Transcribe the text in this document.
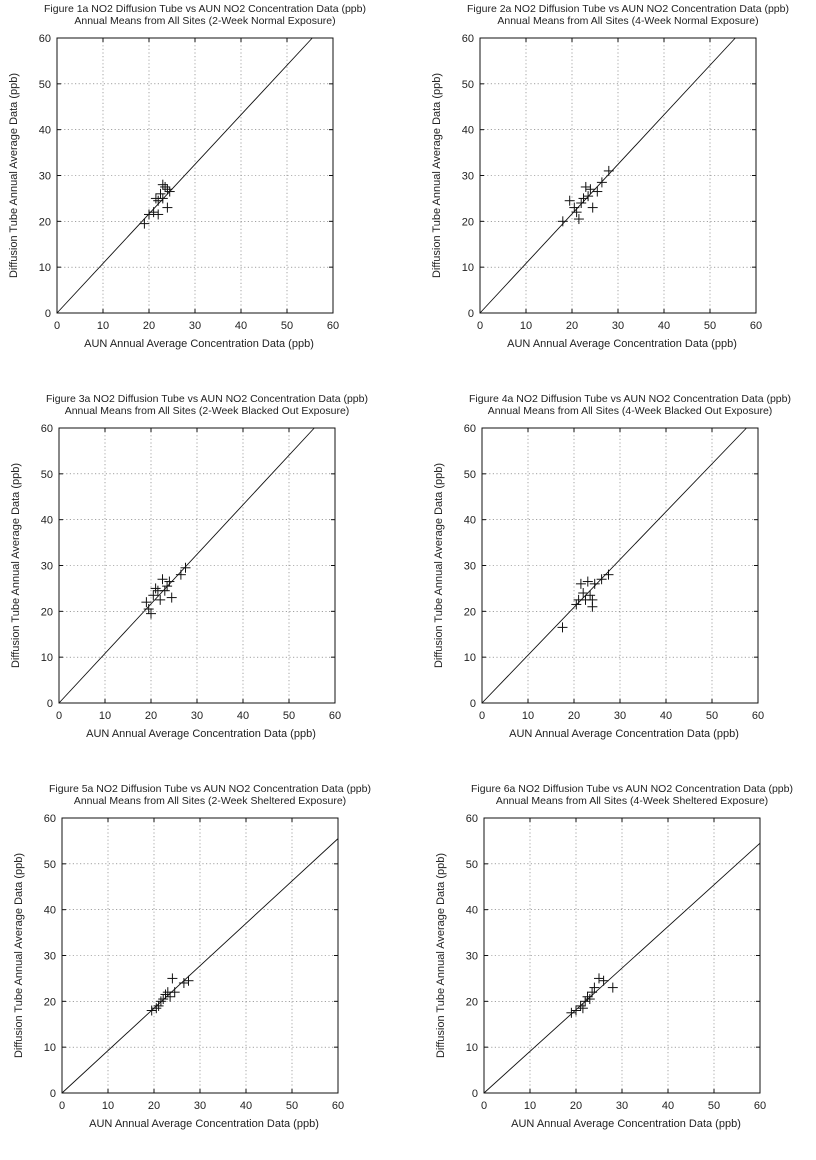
Figure 1a NO2 Diffusion Tube vs AUN NO2 Concentration Data (ppb)
Annual Means from All Sites (2-Week Normal Exposure)
0
0
10
10
20
20
30
30
40
40
50
50
60
60
AUN Annual Average Concentration Data (ppb)
Diffusion Tube Annual Average Data (ppb)
Figure 2a NO2 Diffusion Tube vs AUN NO2 Concentration Data (ppb)
Annual Means from All Sites (4-Week Normal Exposure)
0
0
10
10
20
20
30
30
40
40
50
50
60
60
AUN Annual Average Concentration Data (ppb)
Diffusion Tube Annual Average Data (ppb)
Figure 3a NO2 Diffusion Tube vs AUN NO2 Concentration Data (ppb)
Annual Means from All Sites (2-Week Blacked Out Exposure)
0
0
10
10
20
20
30
30
40
40
50
50
60
60
AUN Annual Average Concentration Data (ppb)
Diffusion Tube Annual Average Data (ppb)
Figure 4a NO2 Diffusion Tube vs AUN NO2 Concentration Data (ppb)
Annual Means from All Sites (4-Week Blacked Out Exposure)
0
0
10
10
20
20
30
30
40
40
50
50
60
60
AUN Annual Average Concentration Data (ppb)
Diffusion Tube Annual Average Data (ppb)
Figure 5a NO2 Diffusion Tube vs AUN NO2 Concentration Data (ppb)
Annual Means from All Sites (2-Week Sheltered Exposure)
0
0
10
10
20
20
30
30
40
40
50
50
60
60
AUN Annual Average Concentration Data (ppb)
Diffusion Tube Annual Average Data (ppb)
Figure 6a NO2 Diffusion Tube vs AUN NO2 Concentration Data (ppb)
Annual Means from All Sites (4-Week Sheltered Exposure)
0
0
10
10
20
20
30
30
40
40
50
50
60
60
AUN Annual Average Concentration Data (ppb)
Diffusion Tube Annual Average Data (ppb)
